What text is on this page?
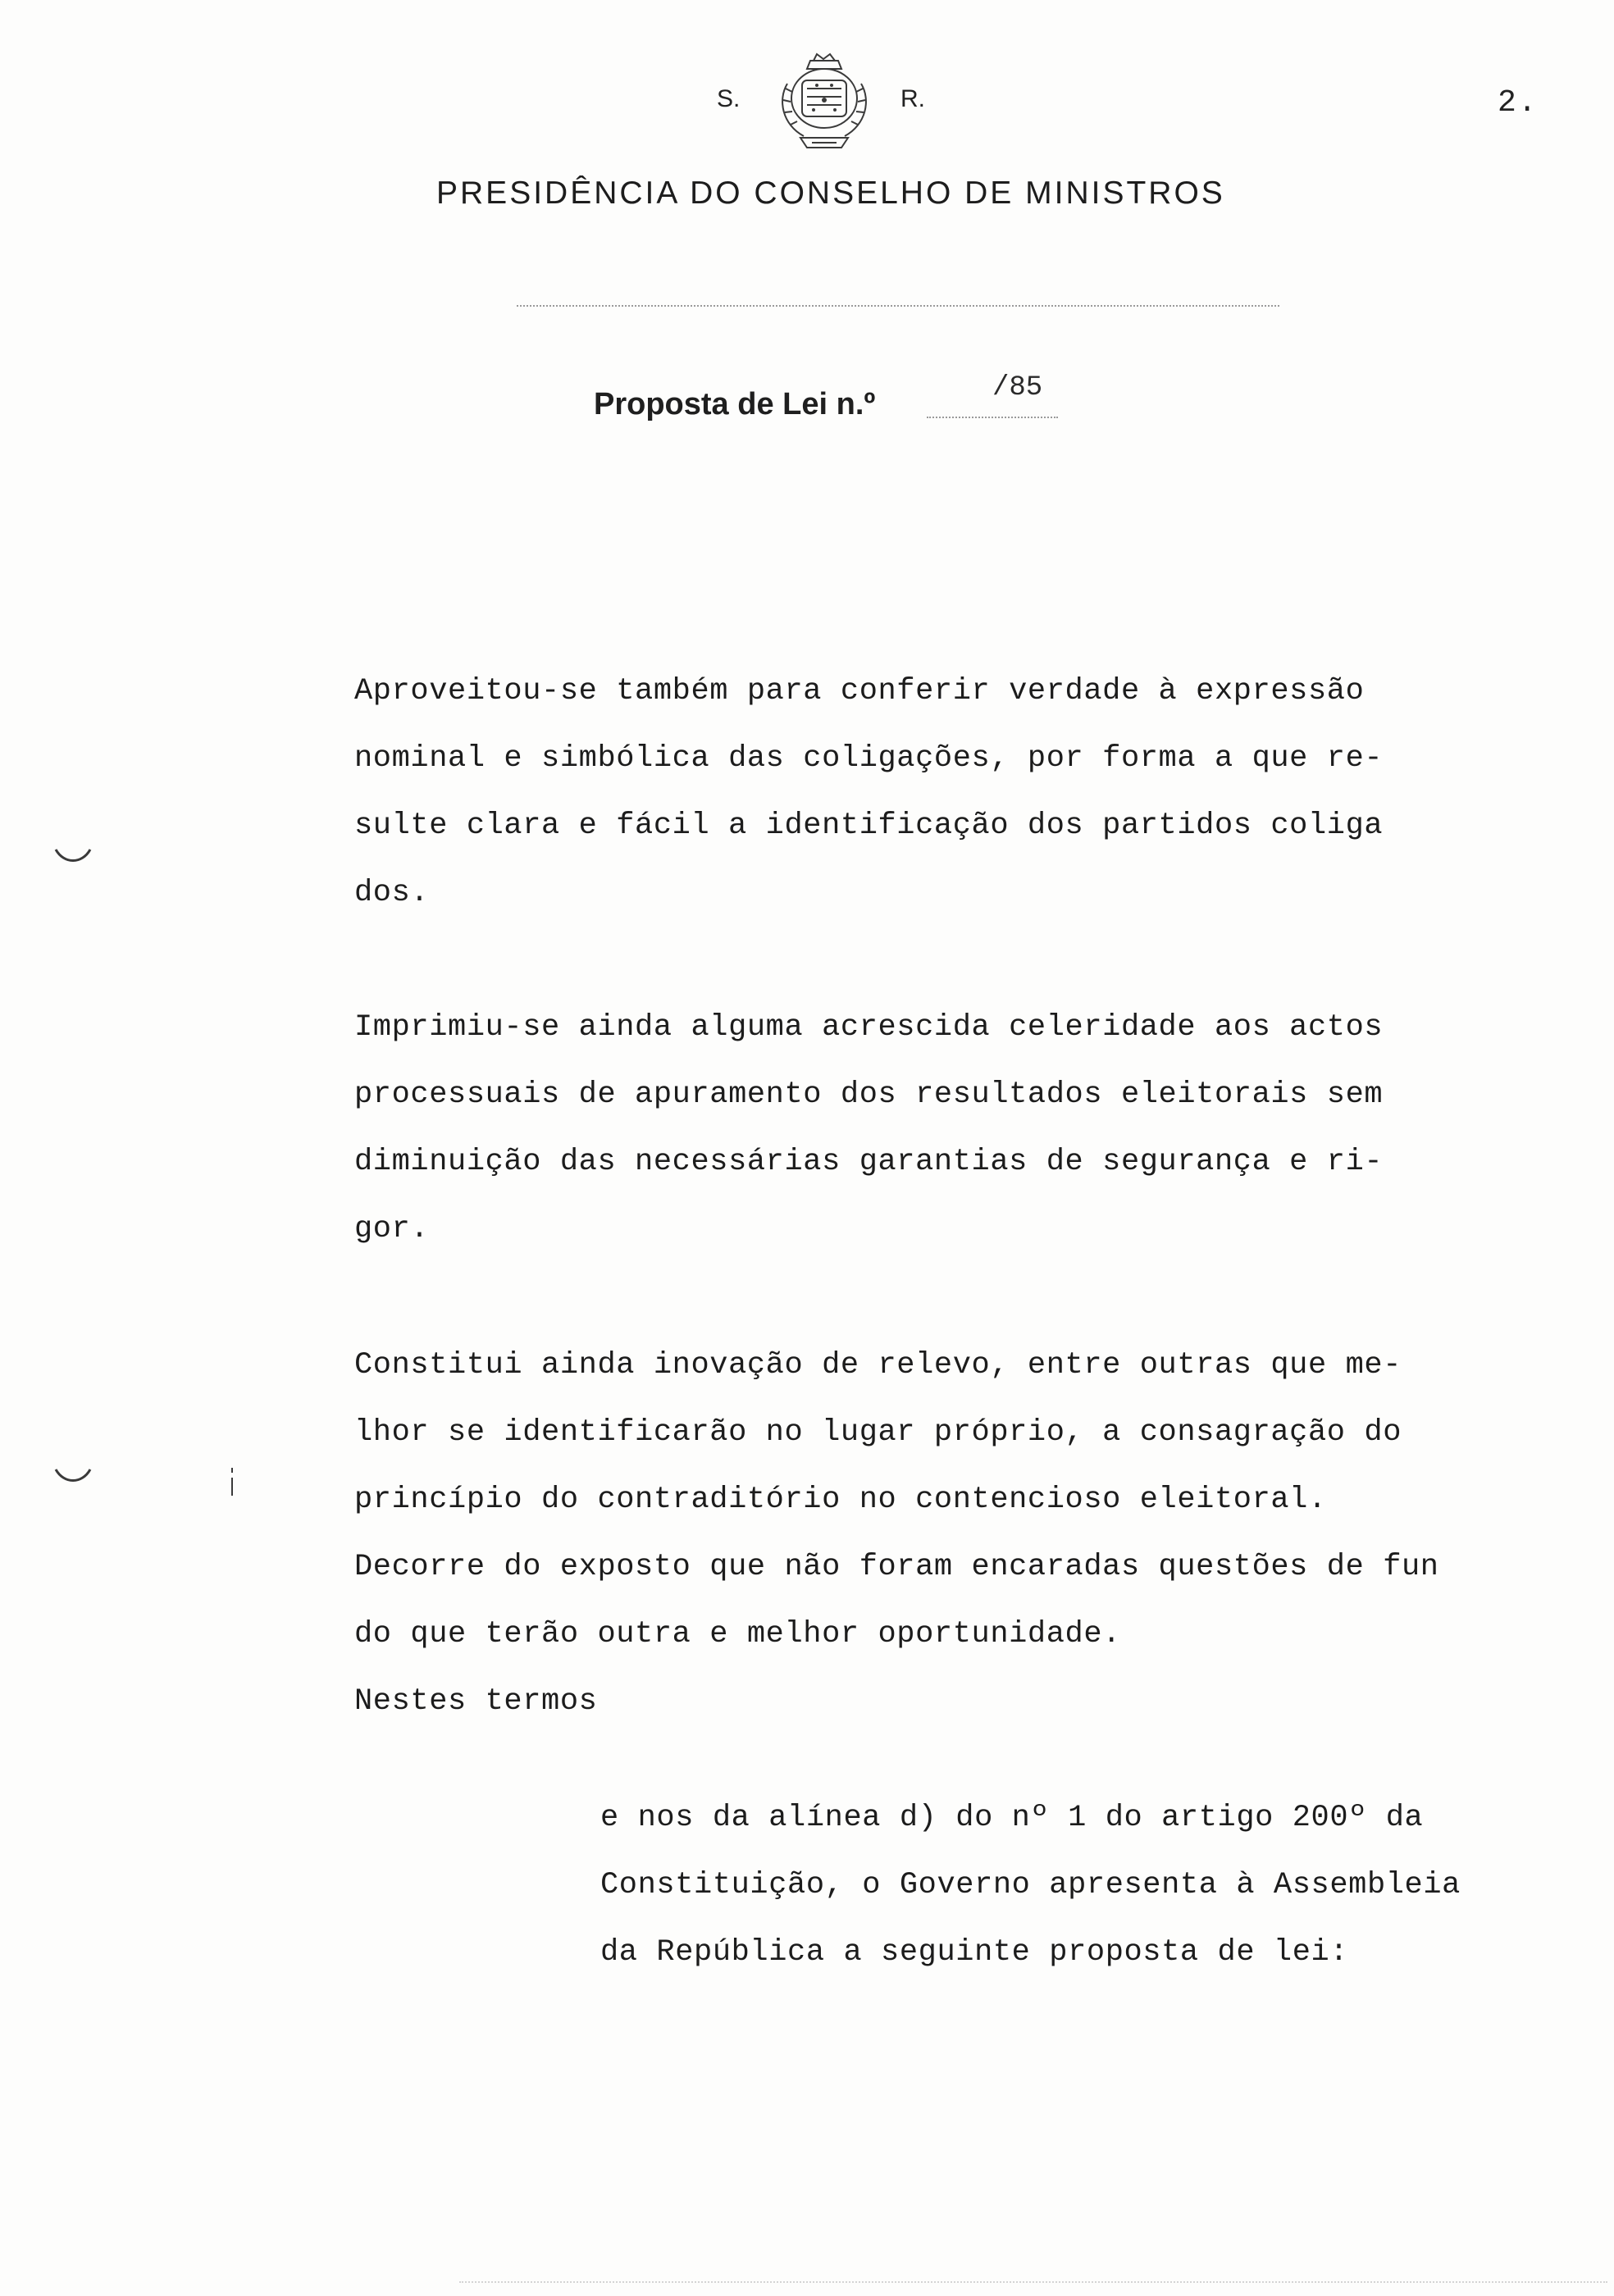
S.	R.	2.
PRESIDÊNCIA DO CONSELHO DE MINISTROS
Proposta de Lei n.º	/85
Aproveitou-se também para conferir verdade à expressão
nominal e simbólica das coligações, por forma a que re-
sulte clara e fácil a identificação dos partidos coliga
dos.
Imprimiu-se ainda alguma acrescida celeridade aos actos
processuais de apuramento dos resultados eleitorais sem
diminuição das necessárias garantias de segurança e ri-
gor.
Constitui ainda inovação de relevo, entre outras que me-
lhor se identificarão no lugar próprio, a consagração do
princípio do contraditório no contencioso eleitoral.
Decorre do exposto que não foram encaradas questões de fun
do que terão outra e melhor oportunidade.
Nestes termos
e nos da alínea d) do nº 1 do artigo 200º da
Constituição, o Governo apresenta à Assembleia
da República a seguinte proposta de lei:
